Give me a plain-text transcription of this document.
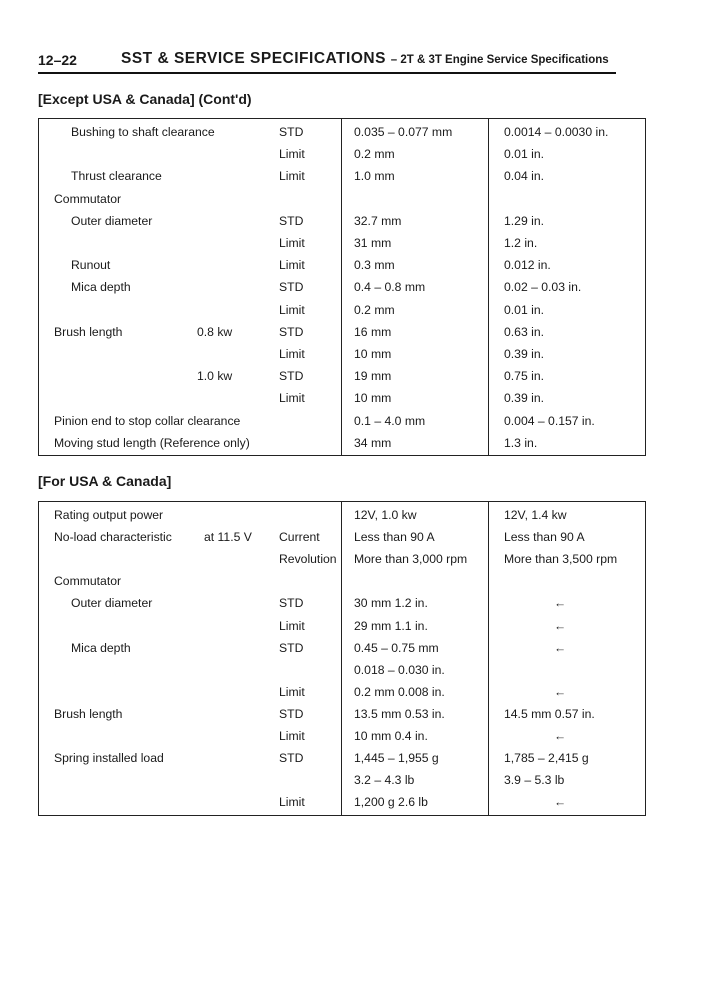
12–22	SST & SERVICE SPECIFICATIONS – 2T & 3T Engine Service Specifications
[Except USA & Canada] (Cont'd)
Bushing to shaft clearance	STD	0.035 – 0.077 mm	0.0014 – 0.0030 in.
Limit	0.2 mm	0.01 in.
Thrust clearance	Limit	1.0 mm	0.04 in.
Commutator
Outer diameter	STD	32.7 mm	1.29 in.
Limit	31 mm	1.2 in.
Runout	Limit	0.3 mm	0.012 in.
Mica depth	STD	0.4 – 0.8 mm	0.02 – 0.03 in.
Limit	0.2 mm	0.01 in.
Brush length	0.8 kw	STD	16 mm	0.63 in.
Limit	10 mm	0.39 in.
1.0 kw	STD	19 mm	0.75 in.
Limit	10 mm	0.39 in.
Pinion end to stop collar clearance	0.1 – 4.0 mm	0.004 – 0.157 in.
Moving stud length (Reference only)	34 mm	1.3 in.
[For USA & Canada]
Rating output power	12V, 1.0 kw	12V, 1.4 kw
No-load characteristic	at 11.5 V Current	Less than 90 A	Less than 90 A
Revolution More than 3,000 rpm	More than 3,500 rpm
Commutator
Outer diameter	STD	30 mm 1.2 in.	←
Limit	29 mm 1.1 in.	←
Mica depth	STD	0.45 – 0.75 mm	←
0.018 – 0.030 in.
Limit	0.2 mm 0.008 in.	←
Brush length	STD	13.5 mm 0.53 in.	14.5 mm 0.57 in.
Limit	10 mm 0.4 in.	←
Spring installed load	STD	1,445 – 1,955 g	1,785 – 2,415 g
3.2 – 4.3 lb	3.9 – 5.3 lb
Limit	1,200 g 2.6 lb	←
